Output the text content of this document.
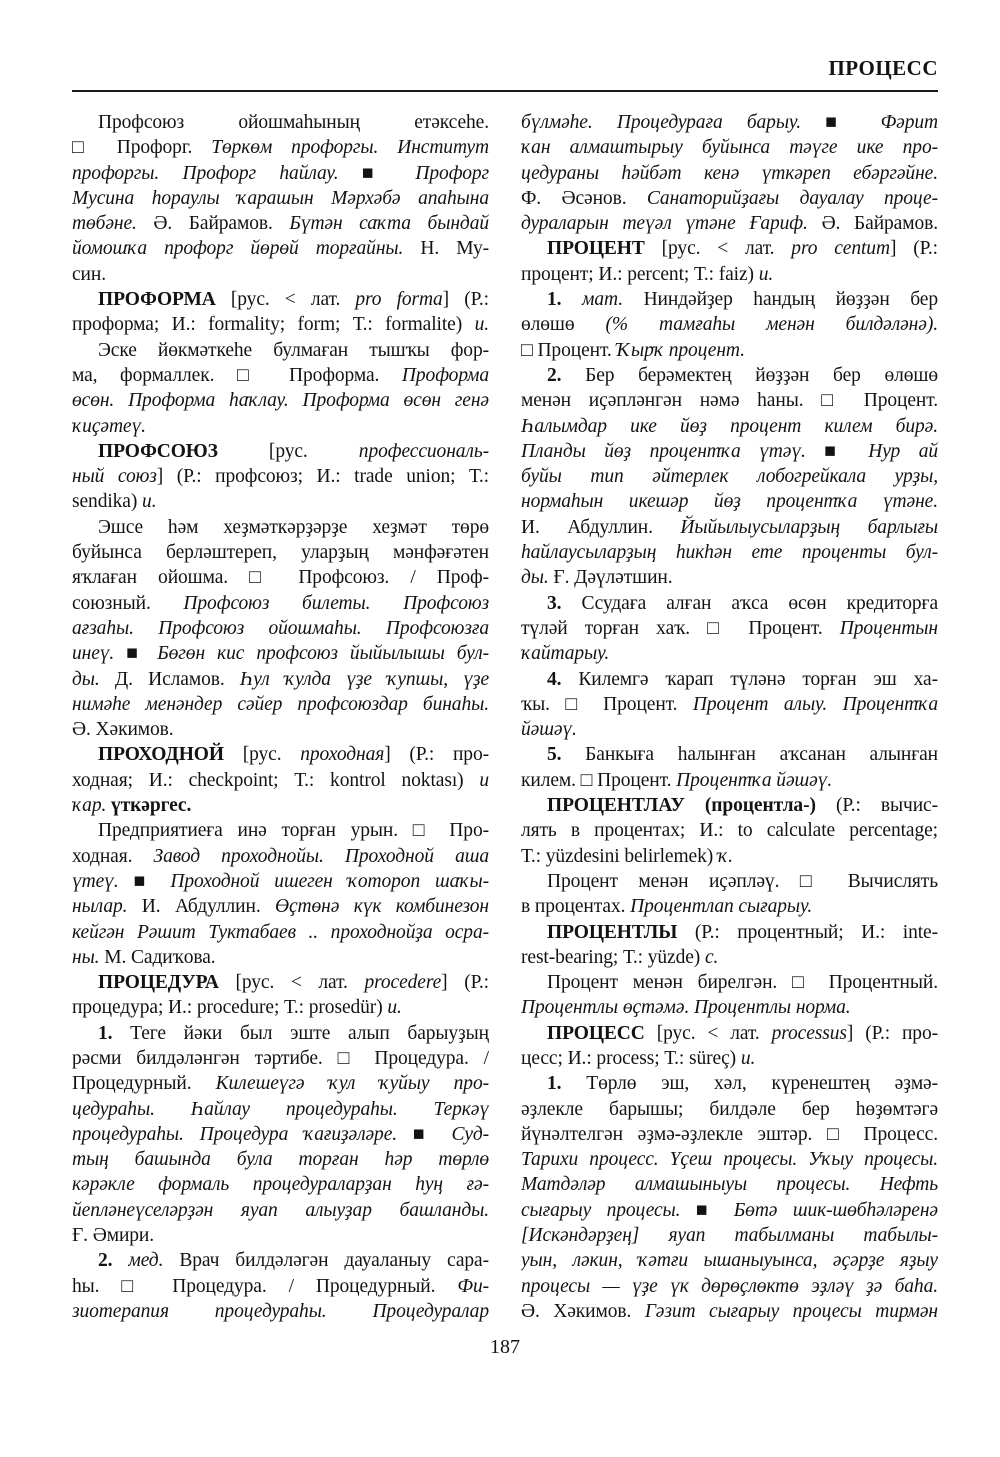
ПРОЦЕСС
Профсоюз ойошмаһының етәксеһе.
□ Профорг. Төркөм профоргы. Институт
профоргы. Профорг һайлау. ■ Профорг
Мусина һораулы ҡарашын Мәрхәбә апаһына
төбәне. Ә. Байрамов. Бүтән саҡта бындай
йомошҡа профорг йөрөй торғайны. Н. Му-
син.
ПРОФОРМА [рус. < лат. pro forma] (Р.:
проформа; И.: formality; form; Т.: formalite) и.
Эске йөкмәткеһе булмаған тышҡы фор-
ма, формаллек. □ Проформа. Проформа
өсөн. Проформа һаҡлау. Проформа өсөн генә
ҡиҫәтеү.
ПРОФСОЮЗ [рус. профессиональ-
ный союз] (Р.: профсоюз; И.: trade union; Т.:
sendika) и.
Эшсе һәм хеҙмәткәрҙәрҙе хеҙмәт төрө
буйынса берләштереп, уларҙың мәнфәғәтен
яҡлаған ойошма. □ Профсоюз. / Проф-
союзный. Профсоюз билеты. Профсоюз
ағзаһы. Профсоюз ойошмаһы. Профсоюзға
инеү. ■ Бөгөн кис профсоюз йыйылышы бул-
ды. Д. Исламов. Һул ҡулда үҙе ҡупшы, үҙе
нимәһе менәндер сәйер профсоюздар бинаһы.
Ә. Хәкимов.
ПРОХОДНОЙ [рус. проходная] (Р.: про-
ходная; И.: checkpoint; Т.: kontrol noktası) и
ҡар. үткәргес.
Предприятиеға инә торған урын. □ Про-
ходная. Завод проходнойы. Проходной аша
үтеү. ■ Проходной ишеген ҡотороп шаҡы-
нылар. И. Абдуллин. Өҫтөнә күк комбинезон
кейгән Рәшит Туктабаев .. проходнойҙа осра-
ны. М. Садиҡова.
ПРОЦЕДУРА [рус. < лат. procedere] (Р.:
процедура; И.: procedure; Т.: prosedür) и.
1. Теге йәки был эште алып барыуҙың
рәсми билдәләнгән тәртибе. □ Процедура. /
Процедурный. Килешеүгә ҡул ҡуйыу про-
цедураһы. Һайлау процедураһы. Теркәү
процедураһы. Процедура ҡағиҙәләре. ■ Суд-
тың башында була торған һәр төрлө
кәрәкле формаль процедураларҙан һуң ғә-
йепләнеүселәрҙән яуап алыуҙар башланды.
Ғ. Әмири.
2. мед. Врач билдәләгән дауаланыу сара-
һы. □ Процедура. / Процедурный. Фи-
зиотерапия процедураһы. Процедуралар
бүлмәһе. Процедураға барыу. ■ Фәрит
ҡан алмаштырыу буйынса тәүге ике про-
цедураны һәйбәт кенә үткәреп ебәргәйне.
Ф. Әсәнов. Санаторийҙағы дауалау проце-
дураларын теүәл үтәне Ғариф. Ә. Байрамов.
ПРОЦЕНТ [рус. < лат. pro centum] (Р.:
процент; И.: percent; Т.: faiz) и.
1. мат. Ниндәйҙер һандың йөҙҙән бер
өлөшө (% тамғаһы менән билдәләнә).
□ Процент. Ҡырҡ процент.
2. Бер берәмектең йөҙҙән бер өлөшө
менән иҫәпләнгән нәмә һаны. □ Процент.
Һалымдар ике йөҙ процент килем бирә.
Планды йөҙ процентҡа үтәү. ■ Нур ай
буйы тип әйтерлек лобогрейкала урҙы,
нормаһын икешәр йөҙ процентҡа үтәне.
И. Абдуллин. Йыйылыусыларҙың барлығы
һайлаусыларҙың һикһән ете проценты бул-
ды. Ғ. Дәүләтшин.
3. Ссудаға алған аҡса өсөн кредиторға
түләй торған хаҡ. □ Процент. Процентын
ҡайтарыу.
4. Килемгә ҡарап түләнә торған эш ха-
ҡы. □ Процент. Процент алыу. Процентҡа
йәшәү.
5. Банкыға һалынған аҡсанан алынған
килем. □ Процент. Процентҡа йәшәү.
ПРОЦЕНТЛАУ (процентла-) (Р.: вычис-
лять в процентах; И.: to calculate percentage;
Т.: yüzdesini belirlemek) ҡ.
Процент менән иҫәпләү. □ Вычислять
в процентах. Процентлап сығарыу.
ПРОЦЕНТЛЫ (Р.: процентный; И.: inte-
rest-bearing; Т.: yüzde) с.
Процент менән бирелгән. □ Процентный.
Процентлы өҫтәмә. Процентлы норма.
ПРОЦЕСС [рус. < лат. processus] (Р.: про-
цесс; И.: process; Т.: süreç) и.
1. Төрлө эш, хәл, күренештең әҙмә-
әҙлекле барышы; билдәле бер һөҙөмтәгә
йүнәлтелгән әҙмә-әҙлекле эштәр. □ Процесс.
Тарихи процесс. Үҫеш процесы. Уҡыу процесы.
Матдәләр алмашыныуы процесы. Нефть
сығарыу процесы. ■ Бөтә шик-шөбһәләренә
[Искәндәрҙең] яуап табылманы табылы-
уын, ләкин, ҡәтғи ышаныуынса, әҫәрҙе яҙыу
процесы — үҙе үк дөрөҫлөктө эҙләү ҙә баһа.
Ә. Хәкимов. Гәзит сығарыу процесы тирмән
187
